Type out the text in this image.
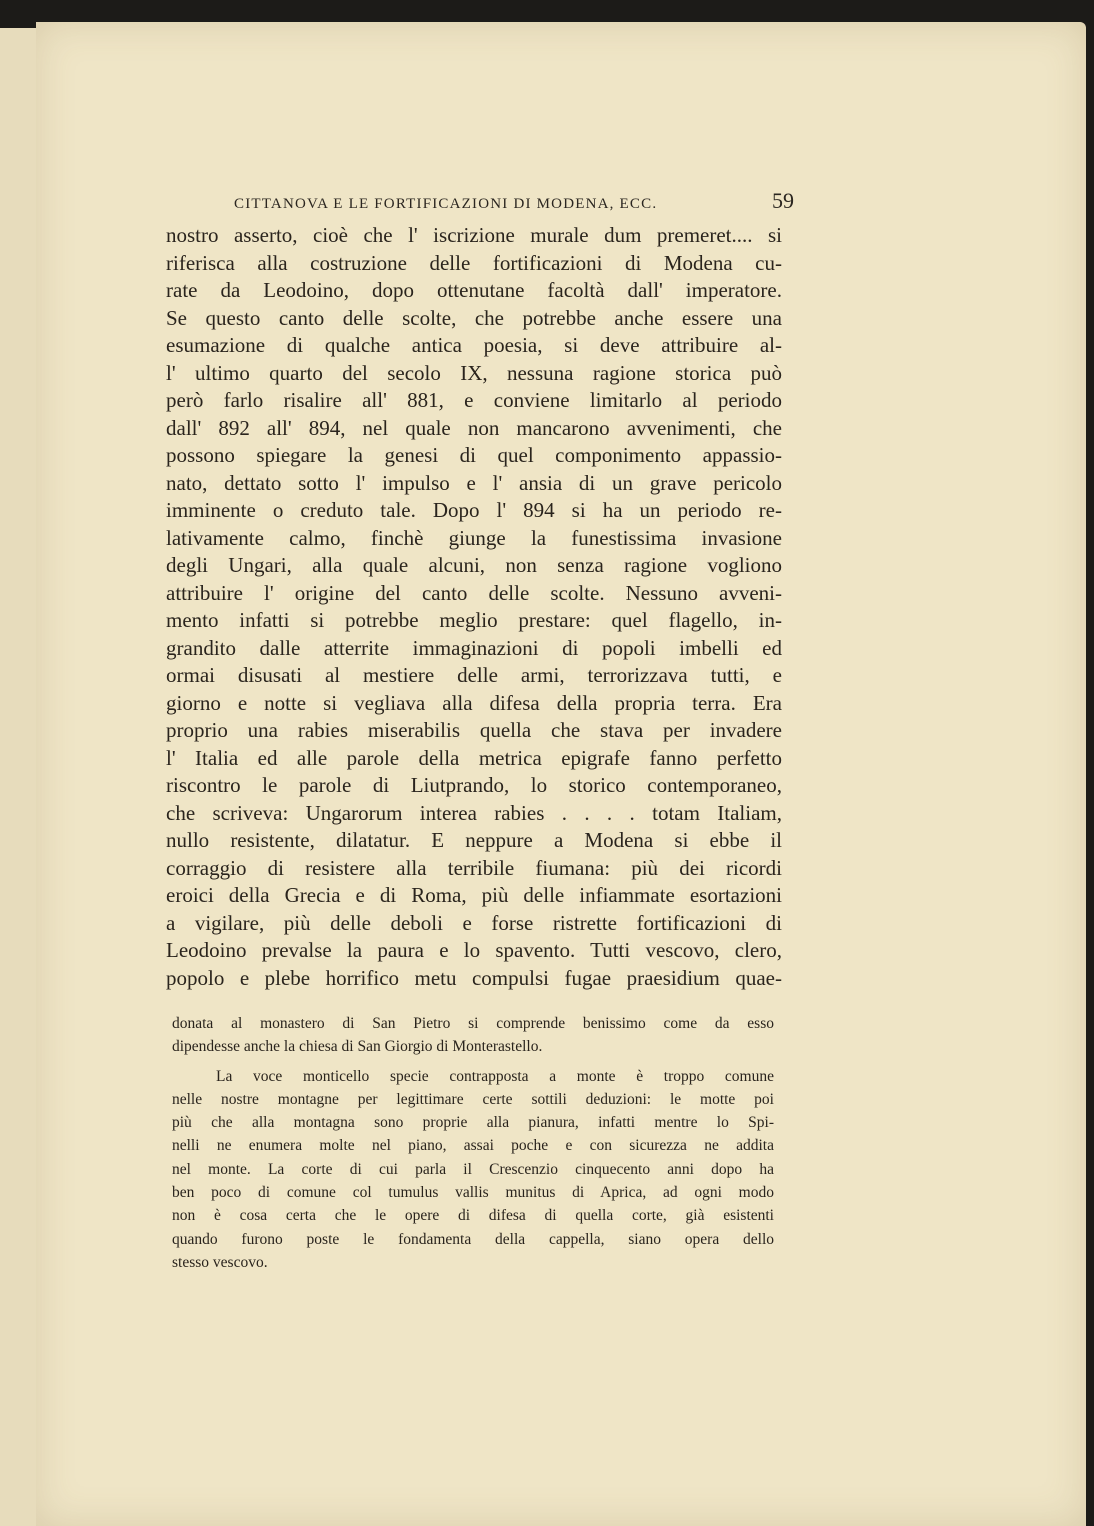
CITTANOVA E LE FORTIFICAZIONI DI MODENA, ECC.	59
nostro asserto, cioè che l' iscrizione murale dum premeret.... si
riferisca alla costruzione delle fortificazioni di Modena cu-
rate da Leodoino, dopo ottenutane facoltà dall' imperatore.
Se questo canto delle scolte, che potrebbe anche essere una
esumazione di qualche antica poesia, si deve attribuire al-
l' ultimo quarto del secolo IX, nessuna ragione storica può
però farlo risalire all' 881, e conviene limitarlo al periodo
dall' 892 all' 894, nel quale non mancarono avvenimenti, che
possono spiegare la genesi di quel componimento appassio-
nato, dettato sotto l' impulso e l' ansia di un grave pericolo
imminente o creduto tale. Dopo l' 894 si ha un periodo re-
lativamente calmo, finchè giunge la funestissima invasione
degli Ungari, alla quale alcuni, non senza ragione vogliono
attribuire l' origine del canto delle scolte. Nessuno avveni-
mento infatti si potrebbe meglio prestare: quel flagello, in-
grandito dalle atterrite immaginazioni di popoli imbelli ed
ormai disusati al mestiere delle armi, terrorizzava tutti, e
giorno e notte si vegliava alla difesa della propria terra. Era
proprio una rabies miserabilis quella che stava per invadere
l' Italia ed alle parole della metrica epigrafe fanno perfetto
riscontro le parole di Liutprando, lo storico contemporaneo,
che scriveva: Ungarorum interea rabies . . . . totam Italiam,
nullo resistente, dilatatur. E neppure a Modena si ebbe il
corraggio di resistere alla terribile fiumana: più dei ricordi
eroici della Grecia e di Roma, più delle infiammate esortazioni
a vigilare, più delle deboli e forse ristrette fortificazioni di
Leodoino prevalse la paura e lo spavento. Tutti vescovo, clero,
popolo e plebe horrifico metu compulsi fugae praesidium quae-
donata al monastero di San Pietro si comprende benissimo come da esso
dipendesse anche la chiesa di San Giorgio di Monterastello.
La voce monticello specie contrapposta a monte è troppo comune
nelle nostre montagne per legittimare certe sottili deduzioni: le motte poi
più che alla montagna sono proprie alla pianura, infatti mentre lo Spi-
nelli ne enumera molte nel piano, assai poche e con sicurezza ne addita
nel monte. La corte di cui parla il Crescenzio cinquecento anni dopo ha
ben poco di comune col tumulus vallis munitus di Aprica, ad ogni modo
non è cosa certa che le opere di difesa di quella corte, già esistenti
quando furono poste le fondamenta della cappella, siano opera dello
stesso vescovo.
